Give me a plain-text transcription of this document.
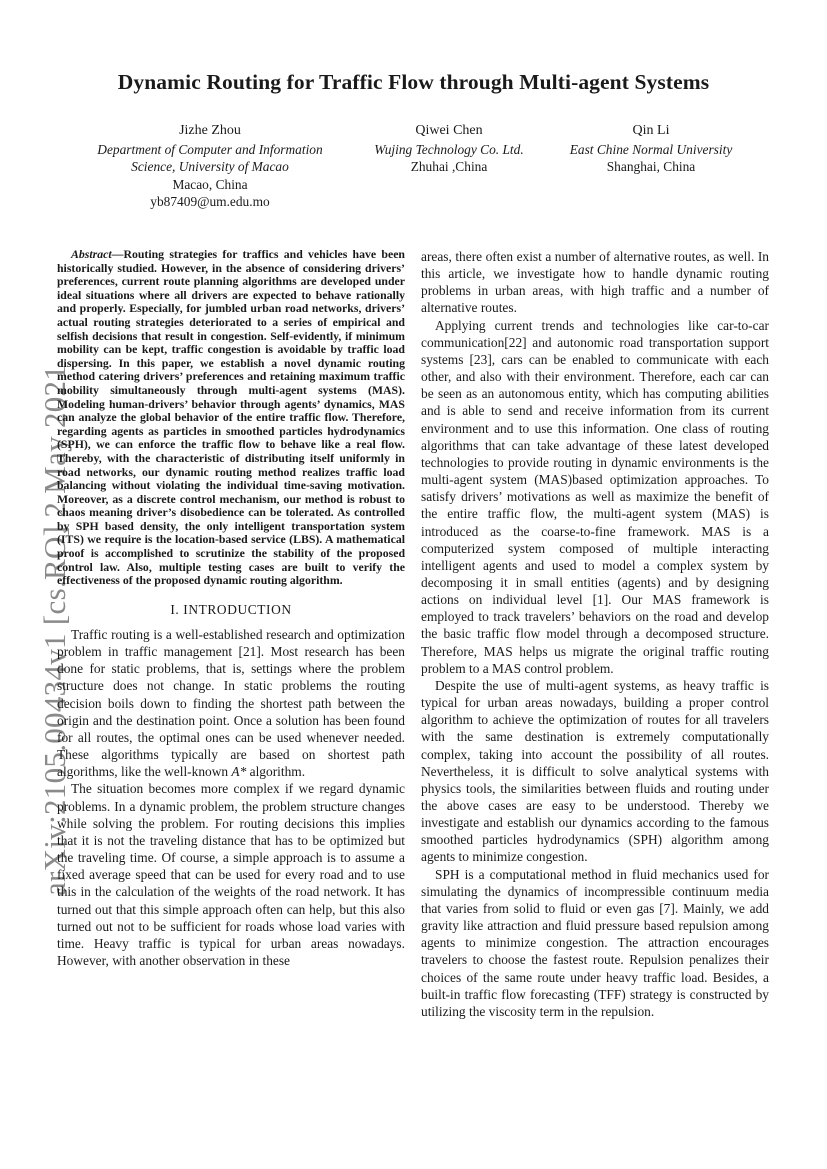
Dynamic Routing for Traffic Flow through Multi-agent Systems
Jizhe Zhou
Department of Computer and Information
Science, University of Macao
Macao, China
yb87409@um.edu.mo
Qiwei Chen
Wujing Technology Co. Ltd.
Zhuhai ,China
Qin Li
East Chine Normal University
Shanghai, China
arXiv:2105.00434v1 [cs.RO] 2 May 2021

Abstract—Routing strategies for traffics and vehicles have been historically studied. However, in the absence of considering drivers’ preferences, current route planning algorithms are developed under ideal situations where all drivers are expected to behave rationally and properly. Especially, for jumbled urban road networks, drivers’ actual routing strategies deteriorated to a series of empirical and selfish decisions that result in congestion. Self-evidently, if minimum mobility can be kept, traffic congestion is avoidable by traffic load dispersing. In this paper, we establish a novel dynamic routing method catering drivers’ preferences and retaining maximum traffic mobility simultaneously through multi-agent systems (MAS). Modeling human-drivers’ behavior through agents’ dynamics, MAS can analyze the global behavior of the entire traffic flow. Therefore, regarding agents as particles in smoothed particles hydrodynamics (SPH), we can enforce the traffic flow to behave like a real flow. Thereby, with the characteristic of distributing itself uniformly in road networks, our dynamic routing method realizes traffic load balancing without violating the individual time-saving motivation. Moreover, as a discrete control mechanism, our method is robust to chaos meaning driver’s disobedience can be tolerated. As controlled by SPH based density, the only intelligent transportation system (ITS) we require is the location-based service (LBS). A mathematical proof is accomplished to scrutinize the stability of the proposed control law. Also, multiple testing cases are built to verify the effectiveness of the proposed dynamic routing algorithm.

I. INTRODUCTION

Traffic routing is a well-established research and optimization problem in traffic management [21]. Most research has been done for static problems, that is, settings where the problem structure does not change. In static problems the routing decision boils down to finding the shortest path between the origin and the destination point. Once a solution has been found for all routes, the optimal ones can be used whenever needed. These algorithms typically are based on shortest path algorithms, like the well-known A* algorithm.

The situation becomes more complex if we regard dynamic problems. In a dynamic problem, the problem structure changes while solving the problem. For routing decisions this implies that it is not the traveling distance that has to be optimized but the traveling time. Of course, a simple approach is to assume a fixed average speed that can be used for every road and to use this in the calculation of the weights of the road network. It has turned out that this simple approach often can help, but this also turned out not to be sufficient for roads whose load varies with time. Heavy traffic is typical for urban areas nowadays. However, with another observation in these

areas, there often exist a number of alternative routes, as well. In this article, we investigate how to handle dynamic routing problems in urban areas, with high traffic and a number of alternative routes.

Applying current trends and technologies like car-to-car communication[22] and autonomic road transportation support systems [23], cars can be enabled to communicate with each other, and also with their environment. Therefore, each car can be seen as an autonomous entity, which has computing abilities and is able to send and receive information from its current environment and to use this information. One class of routing algorithms that can take advantage of these latest developed technologies to provide routing in dynamic environments is the multi-agent system (MAS)based optimization approaches. To satisfy drivers’ motivations as well as maximize the benefit of the entire traffic flow, the multi-agent system (MAS) is introduced as the coarse-to-fine framework. MAS is a computerized system composed of multiple interacting intelligent agents and used to model a complex system by decomposing it in small entities (agents) and by designing actions on individual level [1]. Our MAS framework is employed to track travelers’ behaviors on the road and develop the basic traffic flow model through a decomposed structure. Therefore, MAS helps us migrate the original traffic routing problem to a MAS control problem.

Despite the use of multi-agent systems, as heavy traffic is typical for urban areas nowadays, building a proper control algorithm to achieve the optimization of routes for all travelers with the same destination is extremely computationally complex, taking into account the possibility of all routes. Nevertheless, it is difficult to solve analytical systems with physics tools, the similarities between fluids and routing under the above cases are easy to be understood. Thereby we investigate and establish our dynamics according to the famous smoothed particles hydrodynamics (SPH) algorithm among agents to minimize congestion.

SPH is a computational method in fluid mechanics used for simulating the dynamics of incompressible continuum media that varies from solid to fluid or even gas [7]. Mainly, we add gravity like attraction and fluid pressure based repulsion among agents to minimize congestion. The attraction encourages travelers to choose the fastest route. Repulsion penalizes their choices of the same route under heavy traffic load. Besides, a built-in traffic flow forecasting (TFF) strategy is constructed by utilizing the viscosity term in the repulsion.
